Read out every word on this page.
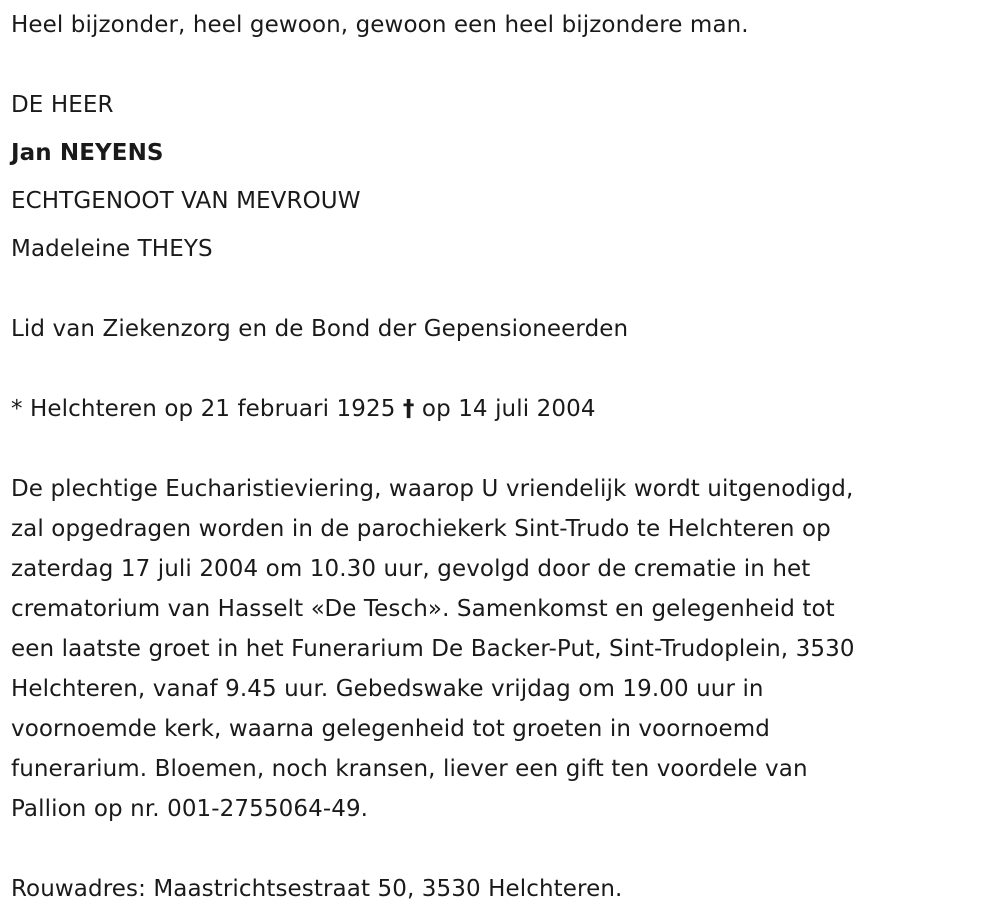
Heel bijzonder, heel gewoon, gewoon een heel bijzondere man.
DE HEER
Jan NEYENS
ECHTGENOOT VAN MEVROUW
Madeleine THEYS
Lid van Ziekenzorg en de Bond der Gepensioneerden
* Helchteren op 21 februari 1925 † op 14 juli 2004
De plechtige Eucharistieviering, waarop U vriendelijk wordt uitgenodigd,
zal opgedragen worden in de parochiekerk Sint-Trudo te Helchteren op
zaterdag 17 juli 2004 om 10.30 uur, gevolgd door de crematie in het
crematorium van Hasselt «De Tesch». Samenkomst en gelegenheid tot
een laatste groet in het Funerarium De Backer-Put, Sint-Trudoplein, 3530
Helchteren, vanaf 9.45 uur. Gebedswake vrijdag om 19.00 uur in
voornoemde kerk, waarna gelegenheid tot groeten in voornoemd
funerarium. Bloemen, noch kransen, liever een gift ten voordele van
Pallion op nr. 001-2755064-49.
Rouwadres: Maastrichtsestraat 50, 3530 Helchteren.
